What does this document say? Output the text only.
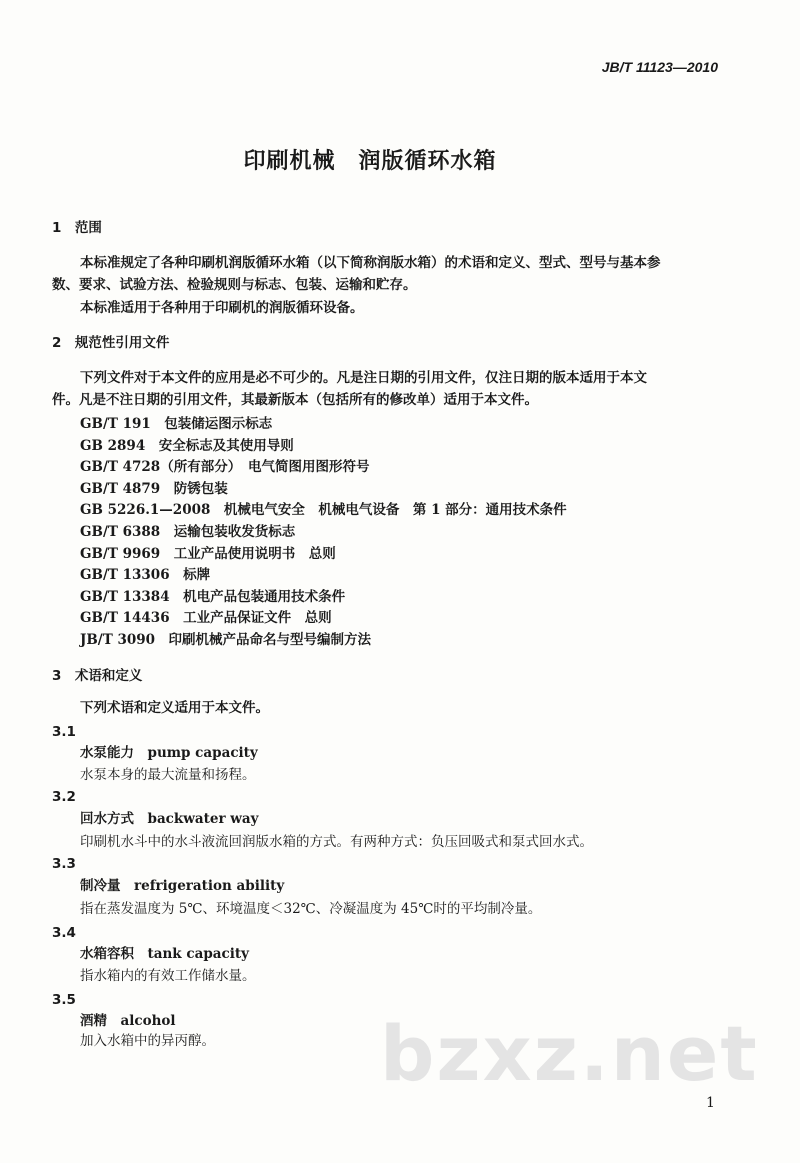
bzxz.net
JB/T 11123—2010
印刷机械　润版循环水箱
1　范围
本标准规定了各种印刷机润版循环水箱（以下简称润版水箱）的术语和定义、型式、型号与基本参
数、要求、试验方法、检验规则与标志、包装、运输和贮存。
本标准适用于各种用于印刷机的润版循环设备。
2　规范性引用文件
下列文件对于本文件的应用是必不可少的。凡是注日期的引用文件，仅注日期的版本适用于本文
件。凡是不注日期的引用文件，其最新版本（包括所有的修改单）适用于本文件。
GB/T 191　包装储运图示标志
GB 2894　安全标志及其使用导则
GB/T 4728（所有部分）　电气简图用图形符号
GB/T 4879　防锈包装
GB 5226.1—2008　机械电气安全　机械电气设备　第 1 部分：通用技术条件
GB/T 6388　运输包装收发货标志
GB/T 9969　工业产品使用说明书　总则
GB/T 13306　标牌
GB/T 13384　机电产品包装通用技术条件
GB/T 14436　工业产品保证文件　总则
JB/T 3090　印刷机械产品命名与型号编制方法
3　术语和定义
下列术语和定义适用于本文件。
3.1
水泵能力　pump capacity
水泵本身的最大流量和扬程。
3.2
回水方式　backwater way
印刷机水斗中的水斗液流回润版水箱的方式。有两种方式：负压回吸式和泵式回水式。
3.3
制冷量　refrigeration ability
指在蒸发温度为 5℃、环境温度＜32℃、冷凝温度为 45℃时的平均制冷量。
3.4
水箱容积　tank capacity
指水箱内的有效工作储水量。
3.5
酒精　alcohol
加入水箱中的异丙醇。
1
